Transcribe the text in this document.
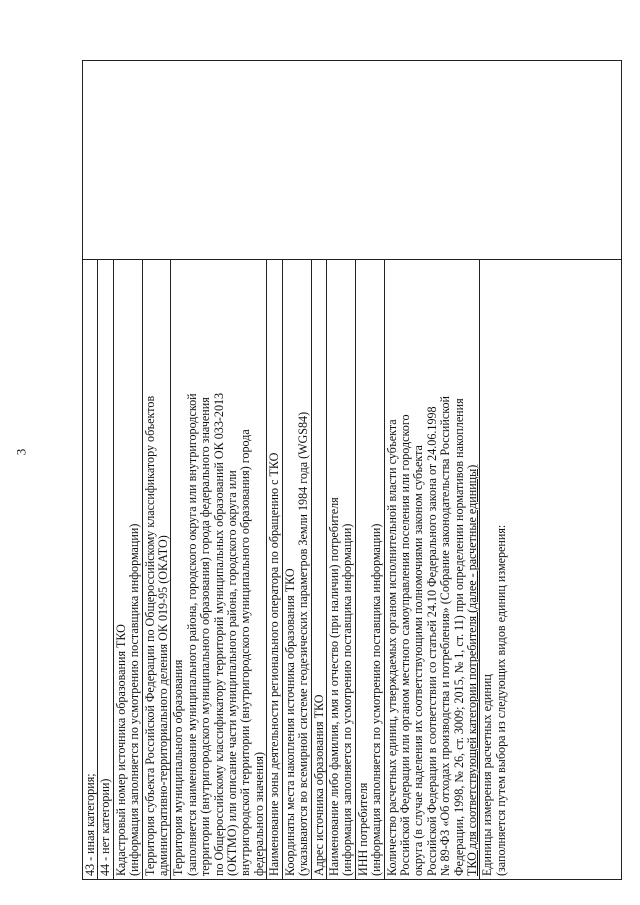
3
43 - иная категория; 44 - нет категории) Кадастровый номер источника образования ТКО (информация заполняется по усмотрению поставщика информации) Территория субъекта Российской Федерации по Общероссийскому классификатору объектов административно-территориального деления ОК 019-95 (ОКАТО) Территория муниципального образования (заполняется наименование муниципального района, городского округа или внутригородской территории (внутригородского муниципального образования) города федерального значения по Общероссийскому классификатору территорий муниципальных образований ОК 033-2013 (ОКТМО) или описание части муниципального района, городского округа или внутригородской территории (внутригородского муниципального образования) города федерального значения) Наименование зоны деятельности регионального оператора по обращению с ТКО Координаты места накопления источника образования ТКО (указываются во всемирной системе геодезических параметров Земли 1984 года (WGS84) Адрес источника образования ТКО Наименование либо фамилия, имя и отчество (при наличии) потребителя (информация заполняется по усмотрению поставщика информации) ИНН потребителя (информация заполняется по усмотрению поставщика информации) Количество расчетных единиц, утверждаемых органом исполнительной власти субъекта Российской Федерации или органом местного самоуправления поселения или городского округа (в случае наделения их соответствующими полномочиями законом субъекта Российской Федерации в соответствии со статьей 24.10 Федерального закона от 24.06.1998 № 89-ФЗ «Об отходах производства и потребления» (Собрание законодательства Российской Федерации, 1998, № 26, ст. 3009; 2015, № 1, ст. 11) при определении нормативов накопления ТКО для соответствующей категории потребителя (далее - расчетные единицы) Единицы измерения расчетных единиц (заполняется путем выбора из следующих видов единиц измерения:
